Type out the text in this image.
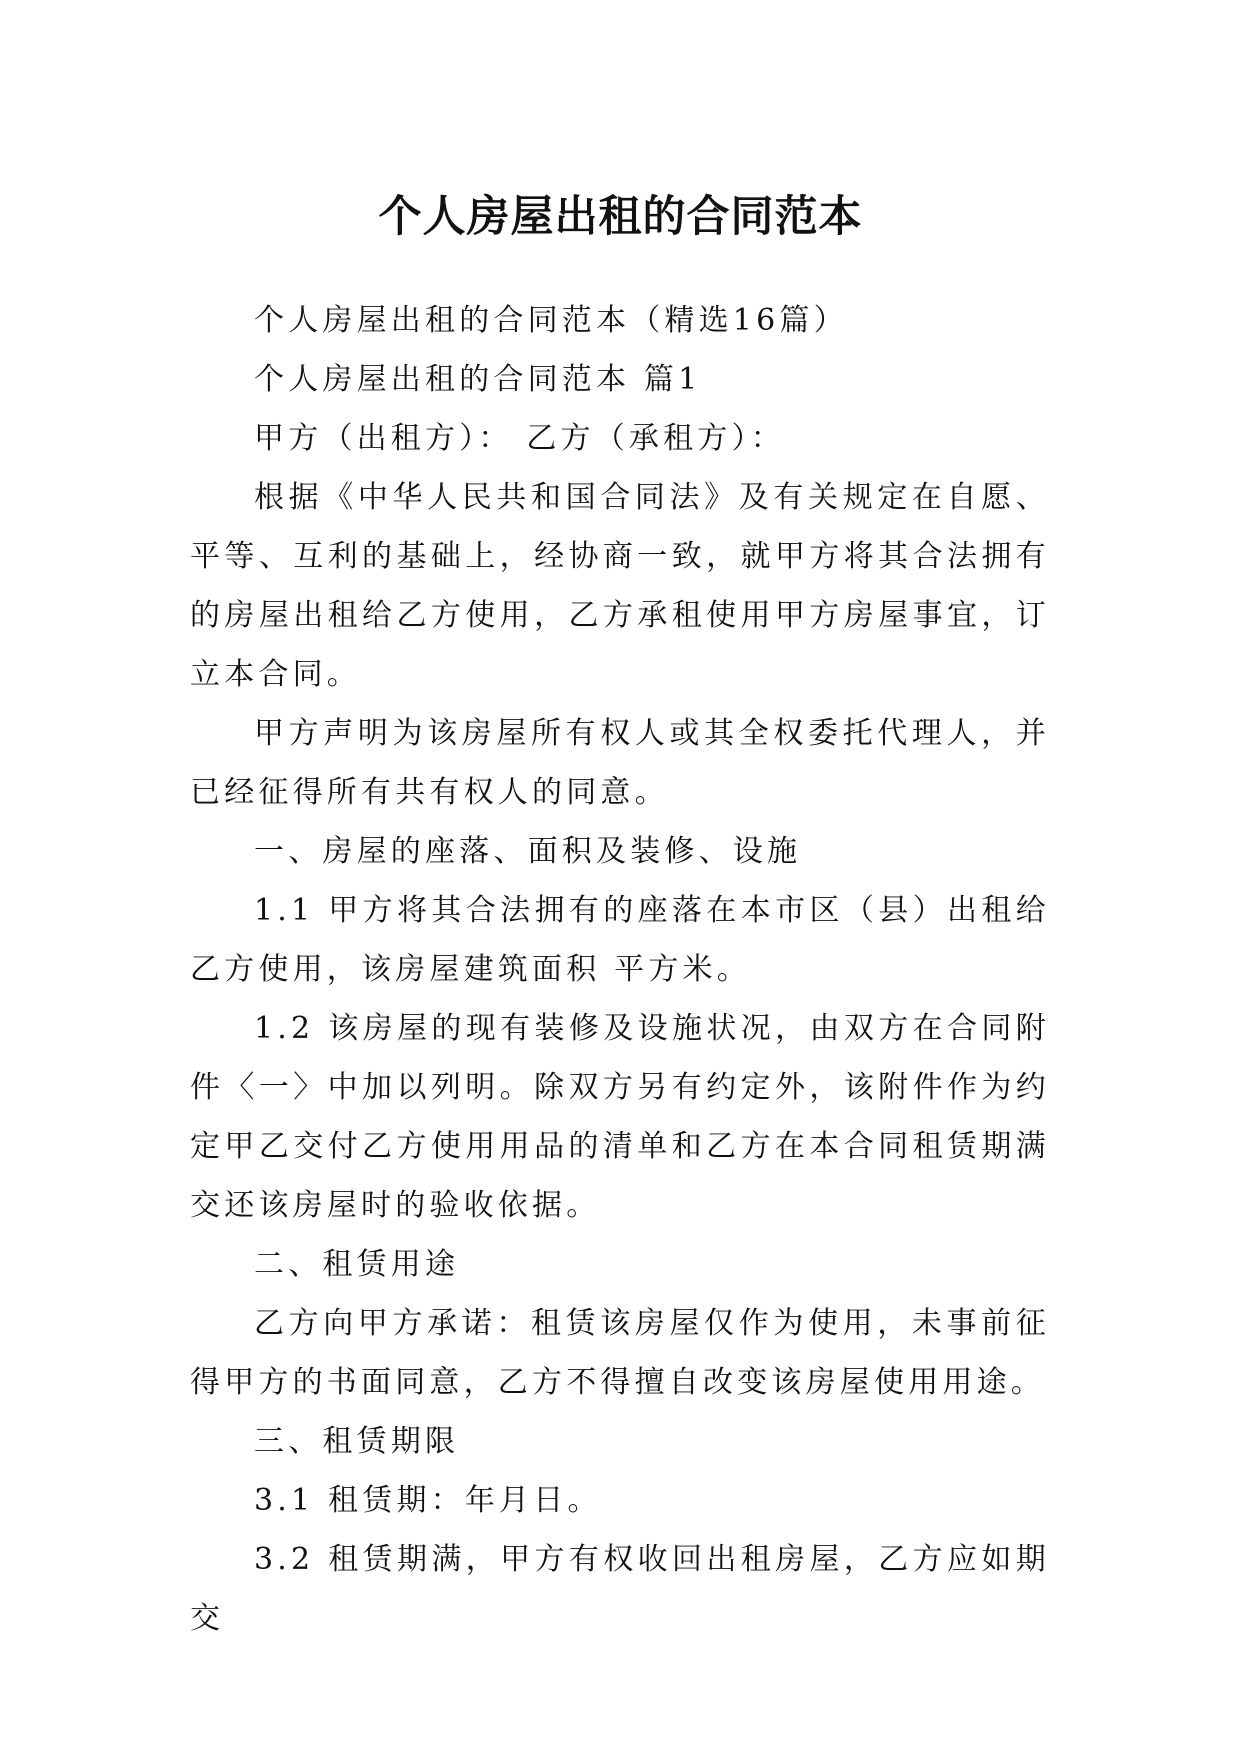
个人房屋出租的合同范本

个人房屋出租的合同范本（精选16篇）

个人房屋出租的合同范本 篇1

甲方（出租方）： 乙方（承租方）：

根据《中华人民共和国合同法》及有关规定在自愿、平等、互利的基础上，经协商一致，就甲方将其合法拥有的房屋出租给乙方使用，乙方承租使用甲方房屋事宜，订立本合同。

甲方声明为该房屋所有权人或其全权委托代理人，并已经征得所有共有权人的同意。

一、房屋的座落、面积及装修、设施

1.1 甲方将其合法拥有的座落在本市区（县）出租给乙方使用，该房屋建筑面积 平方米。

1.2 该房屋的现有装修及设施状况，由双方在合同附件〈一〉中加以列明。除双方另有约定外，该附件作为约定甲乙交付乙方使用用品的清单和乙方在本合同租赁期满交还该房屋时的验收依据。

二、租赁用途

乙方向甲方承诺：租赁该房屋仅作为使用，未事前征得甲方的书面同意，乙方不得擅自改变该房屋使用用途。

三、租赁期限

3.1 租赁期：年月日。

3.2 租赁期满，甲方有权收回出租房屋，乙方应如期交
